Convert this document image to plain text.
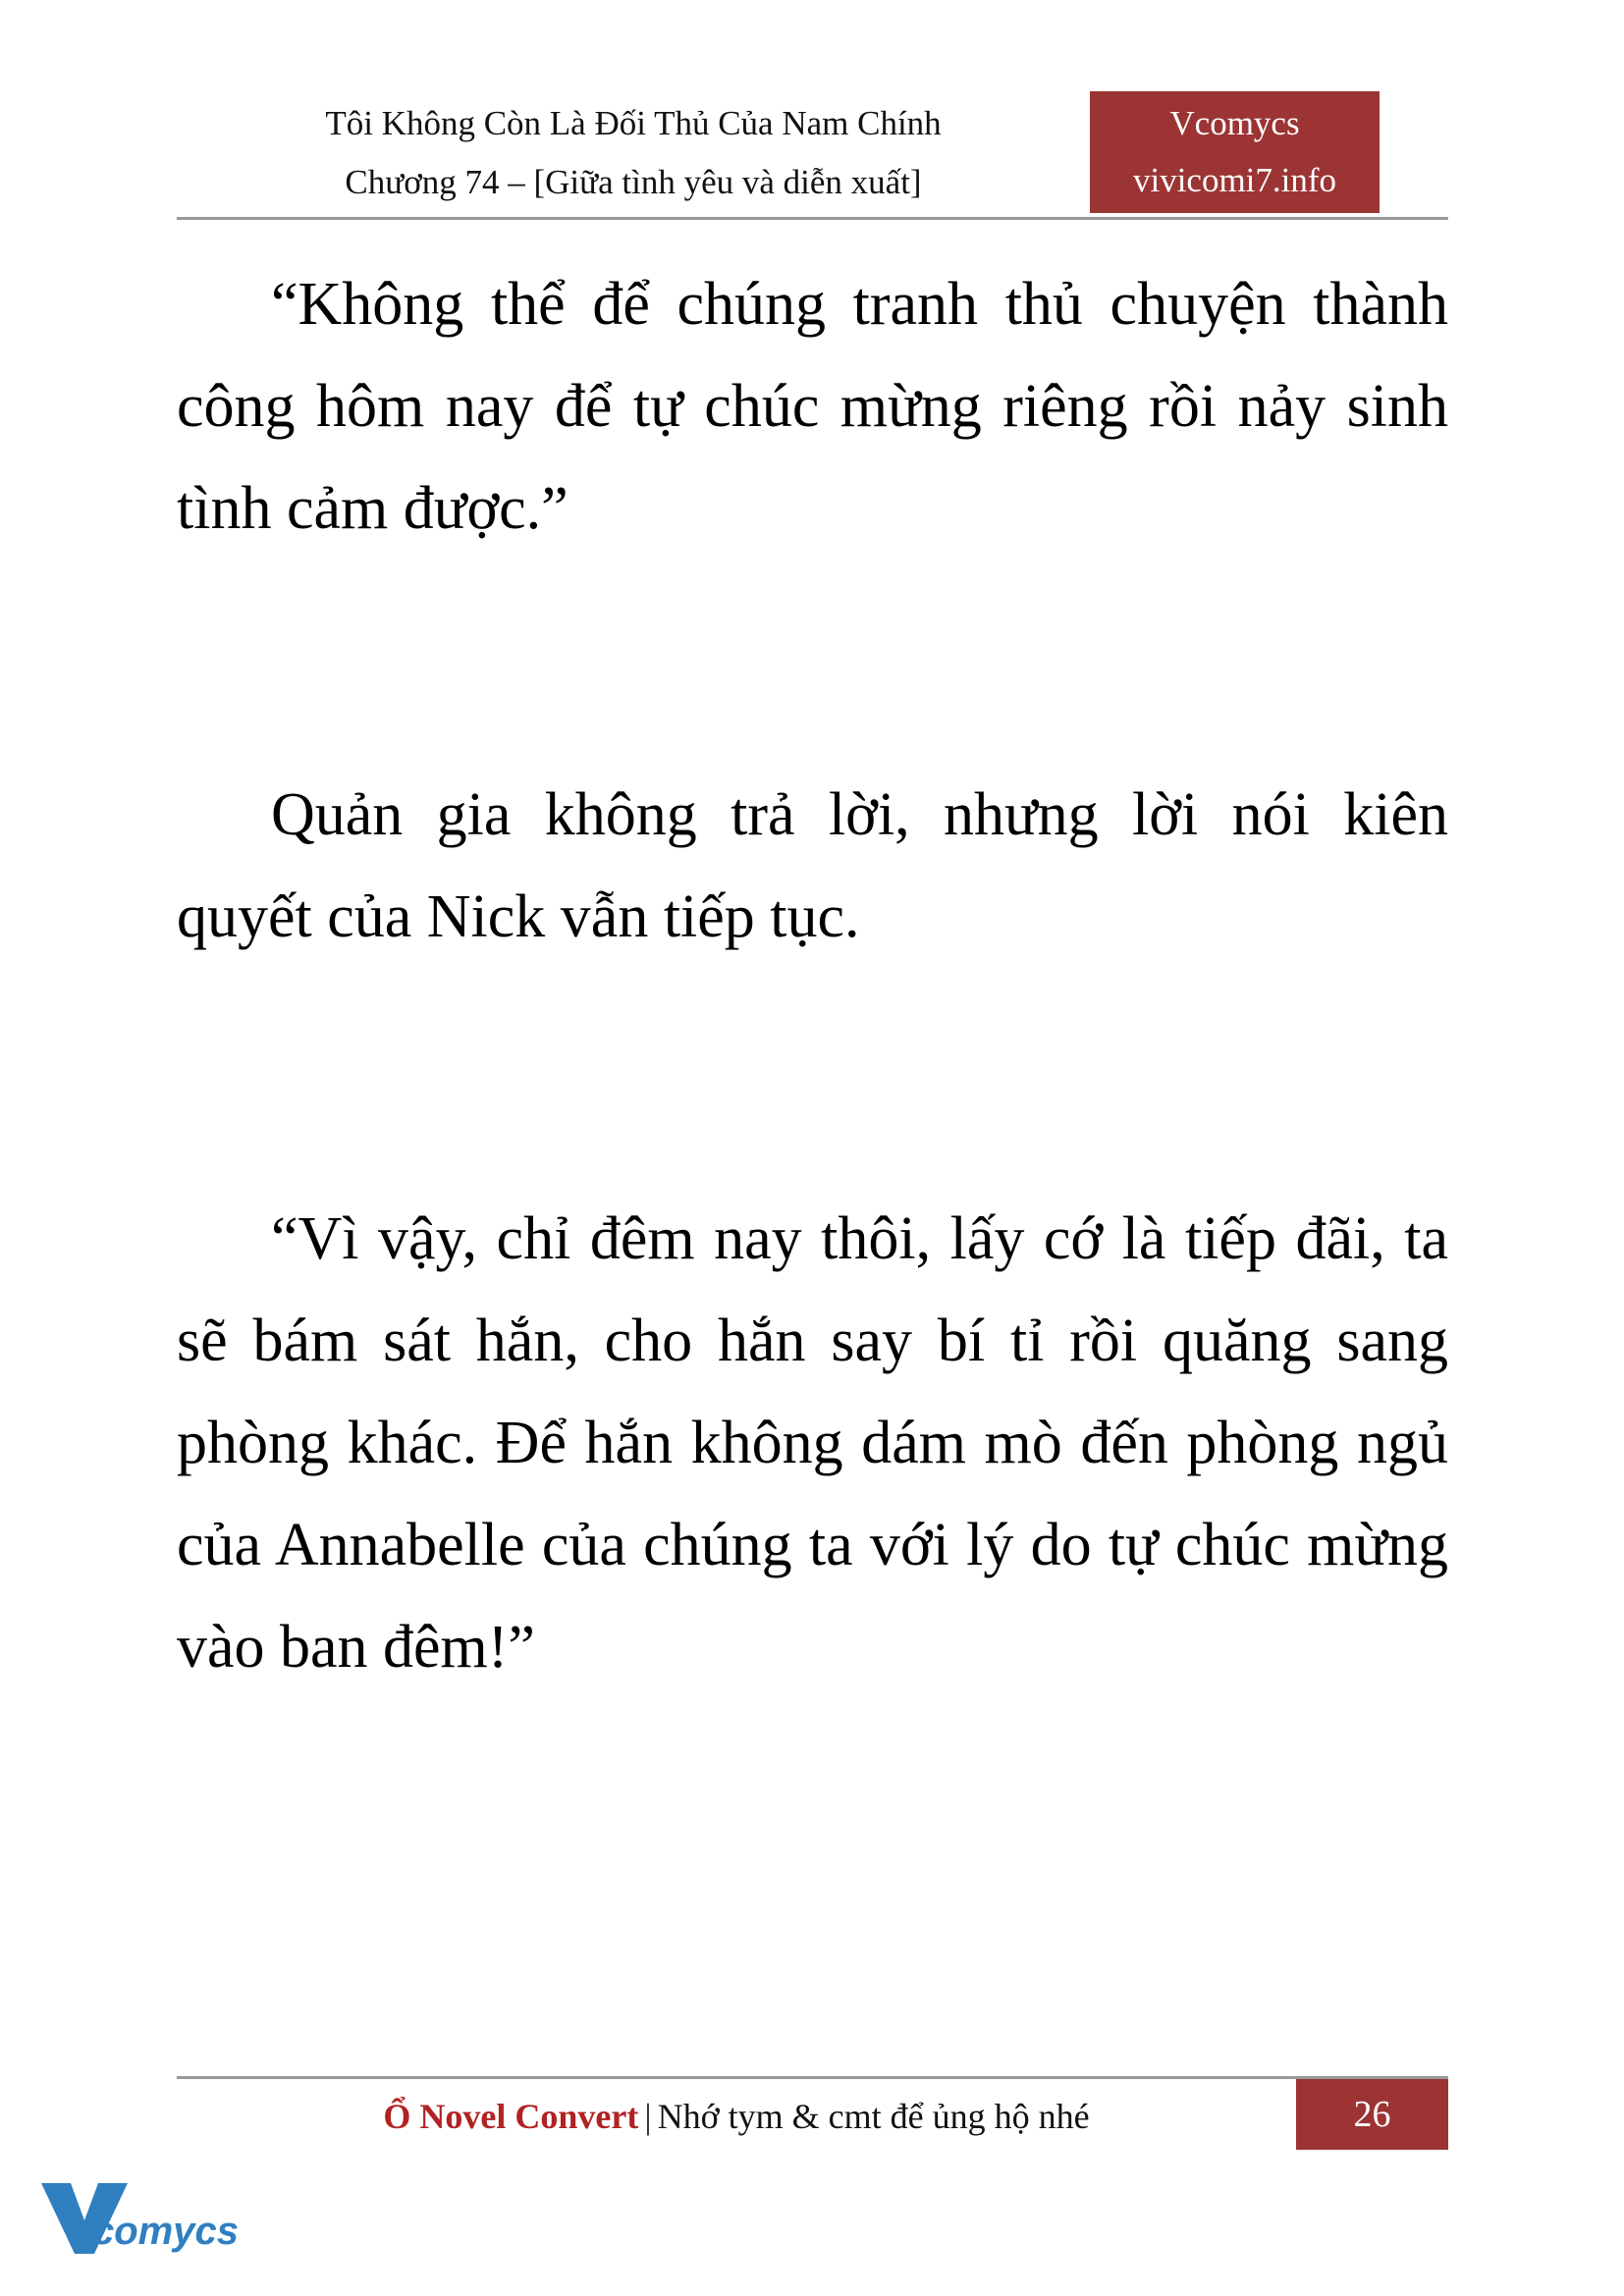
Tôi Không Còn Là Đối Thủ Của Nam Chính
Chương 74 – [Giữa tình yêu và diễn xuất]
Vcomycs
vivicomi7.info

“Không thể để chúng tranh thủ chuyện thành công hôm nay để tự chúc mừng riêng rồi nảy sinh tình cảm được.”

Quản gia không trả lời, nhưng lời nói kiên quyết của Nick vẫn tiếp tục.

“Vì vậy, chỉ đêm nay thôi, lấy cớ là tiếp đãi, ta sẽ bám sát hắn, cho hắn say bí tỉ rồi quăng sang phòng khác. Để hắn không dám mò đến phòng ngủ của Annabelle của chúng ta với lý do tự chúc mừng vào ban đêm!”

Ổ Novel Convert | Nhớ tym & cmt để ủng hộ nhé	26
comycs
